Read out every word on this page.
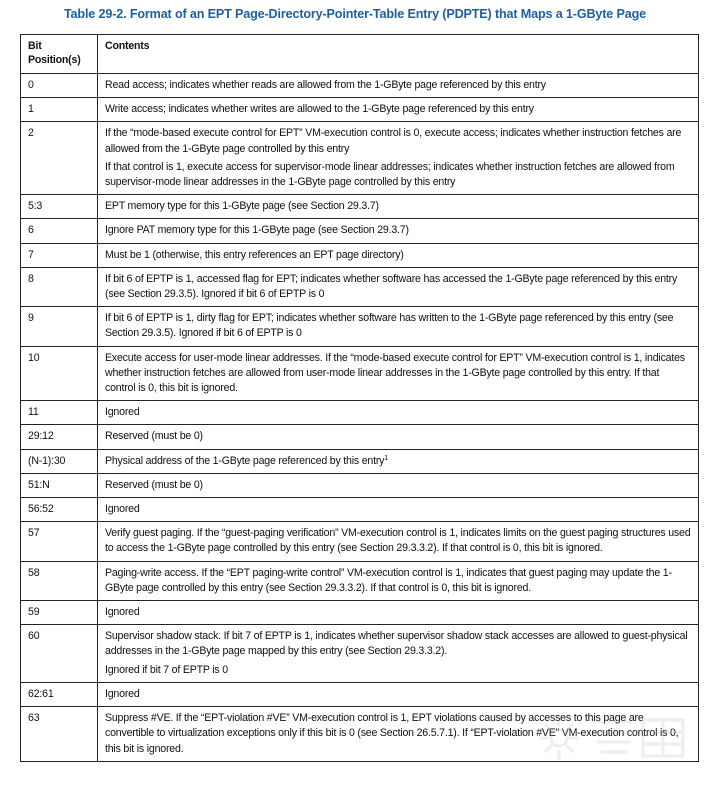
Table 29-2. Format of an EPT Page-Directory-Pointer-Table Entry (PDPTE) that Maps a 1-GByte Page
Bit Position(s)	Contents
0	Read access; indicates whether reads are allowed from the 1-GByte page referenced by this entry

1	Write access; indicates whether writes are allowed to the 1-GByte page referenced by this entry

2	If the “mode-based execute control for EPT” VM-execution control is 0, execute access; indicates whether instruction fetches are allowed from the 1-GByte page controlled by this entry

If that control is 1, execute access for supervisor-mode linear addresses; indicates whether instruction fetches are allowed from supervisor-mode linear addresses in the 1-GByte page controlled by this entry

5:3	EPT memory type for this 1-GByte page (see Section 29.3.7)

6	Ignore PAT memory type for this 1-GByte page (see Section 29.3.7)

7	Must be 1 (otherwise, this entry references an EPT page directory)

8	If bit 6 of EPTP is 1, accessed flag for EPT; indicates whether software has accessed the 1-GByte page referenced by this entry (see Section 29.3.5). Ignored if bit 6 of EPTP is 0

9	If bit 6 of EPTP is 1, dirty flag for EPT; indicates whether software has written to the 1-GByte page referenced by this entry (see Section 29.3.5). Ignored if bit 6 of EPTP is 0

10	Execute access for user-mode linear addresses. If the “mode-based execute control for EPT” VM-execution control is 1, indicates whether instruction fetches are allowed from user-mode linear addresses in the 1-GByte page controlled by this entry. If that control is 0, this bit is ignored.

11	Ignored

29:12	Reserved (must be 0)

(N-1):30	Physical address of the 1-GByte page referenced by this entry$^1$

51:N	Reserved (must be 0)

56:52	Ignored

57	Verify guest paging. If the “guest-paging verification” VM-execution control is 1, indicates limits on the guest paging structures used to access the 1-GByte page controlled by this entry (see Section 29.3.3.2). If that control is 0, this bit is ignored.

58	Paging-write access. If the “EPT paging-write control” VM-execution control is 1, indicates that guest paging may update the 1-GByte page controlled by this entry (see Section 29.3.3.2). If that control is 0, this bit is ignored.

59	Ignored

60	Supervisor shadow stack. If bit 7 of EPTP is 1, indicates whether supervisor shadow stack accesses are allowed to guest-physical addresses in the 1-GByte page mapped by this entry (see Section 29.3.3.2).

Ignored if bit 7 of EPTP is 0

62:61	Ignored

63	Suppress #VE. If the “EPT-violation #VE” VM-execution control is 1, EPT violations caused by accesses to this page are convertible to virtualization exceptions only if this bit is 0 (see Section 26.5.7.1). If “EPT-violation #VE” VM-execution control is 0, this bit is ignored.
